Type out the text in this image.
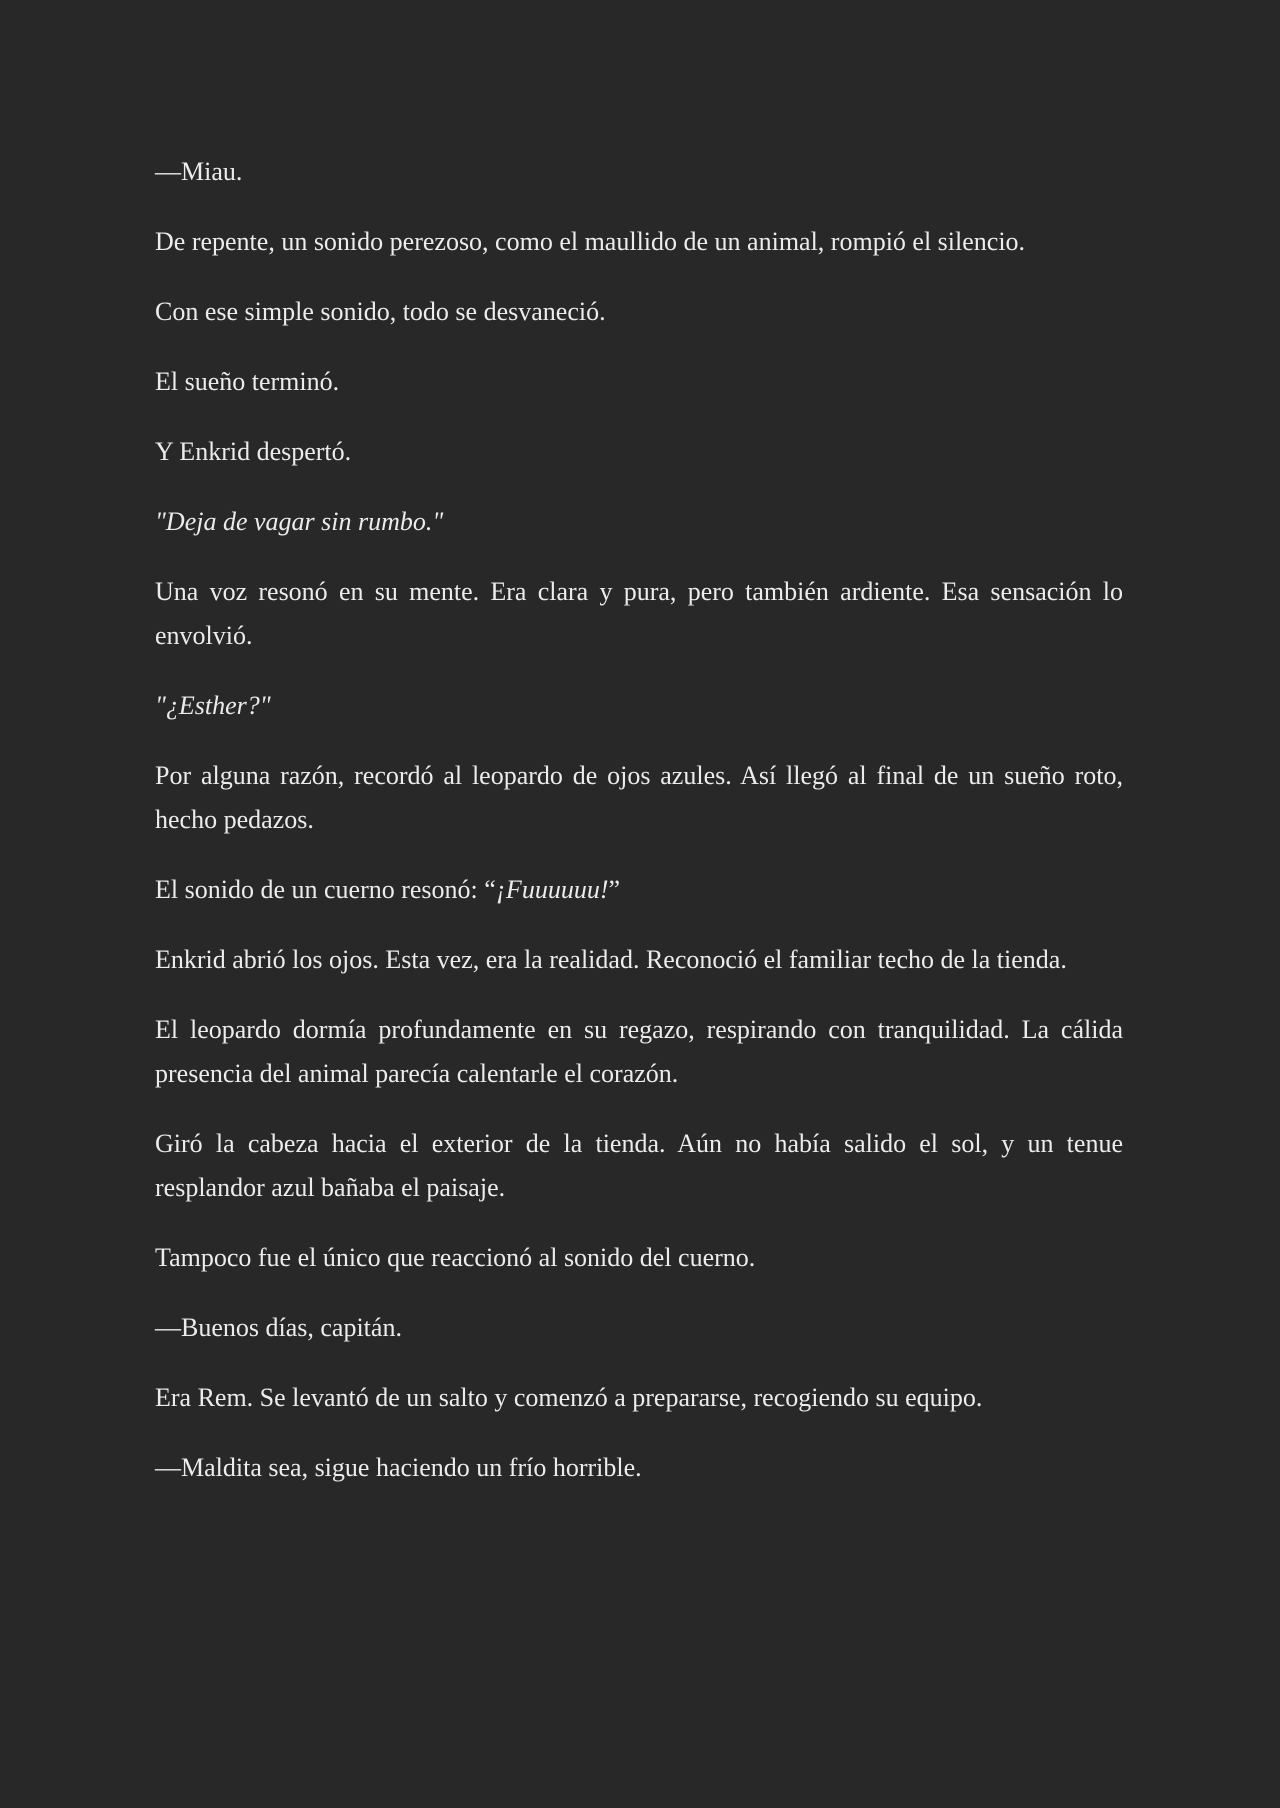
—Miau.

De repente, un sonido perezoso, como el maullido de un animal, rompió el silencio.

Con ese simple sonido, todo se desvaneció.

El sueño terminó.

Y Enkrid despertó.

"Deja de vagar sin rumbo."

Una voz resonó en su mente. Era clara y pura, pero también ardiente. Esa sensación lo envolvió.

"¿Esther?"

Por alguna razón, recordó al leopardo de ojos azules. Así llegó al final de un sueño roto, hecho pedazos.

El sonido de un cuerno resonó: “¡Fuuuuuu!”

Enkrid abrió los ojos. Esta vez, era la realidad. Reconoció el familiar techo de la tienda.

El leopardo dormía profundamente en su regazo, respirando con tranquilidad. La cálida presencia del animal parecía calentarle el corazón.

Giró la cabeza hacia el exterior de la tienda. Aún no había salido el sol, y un tenue resplandor azul bañaba el paisaje.

Tampoco fue el único que reaccionó al sonido del cuerno.

—Buenos días, capitán.

Era Rem. Se levantó de un salto y comenzó a prepararse, recogiendo su equipo.

—Maldita sea, sigue haciendo un frío horrible.
